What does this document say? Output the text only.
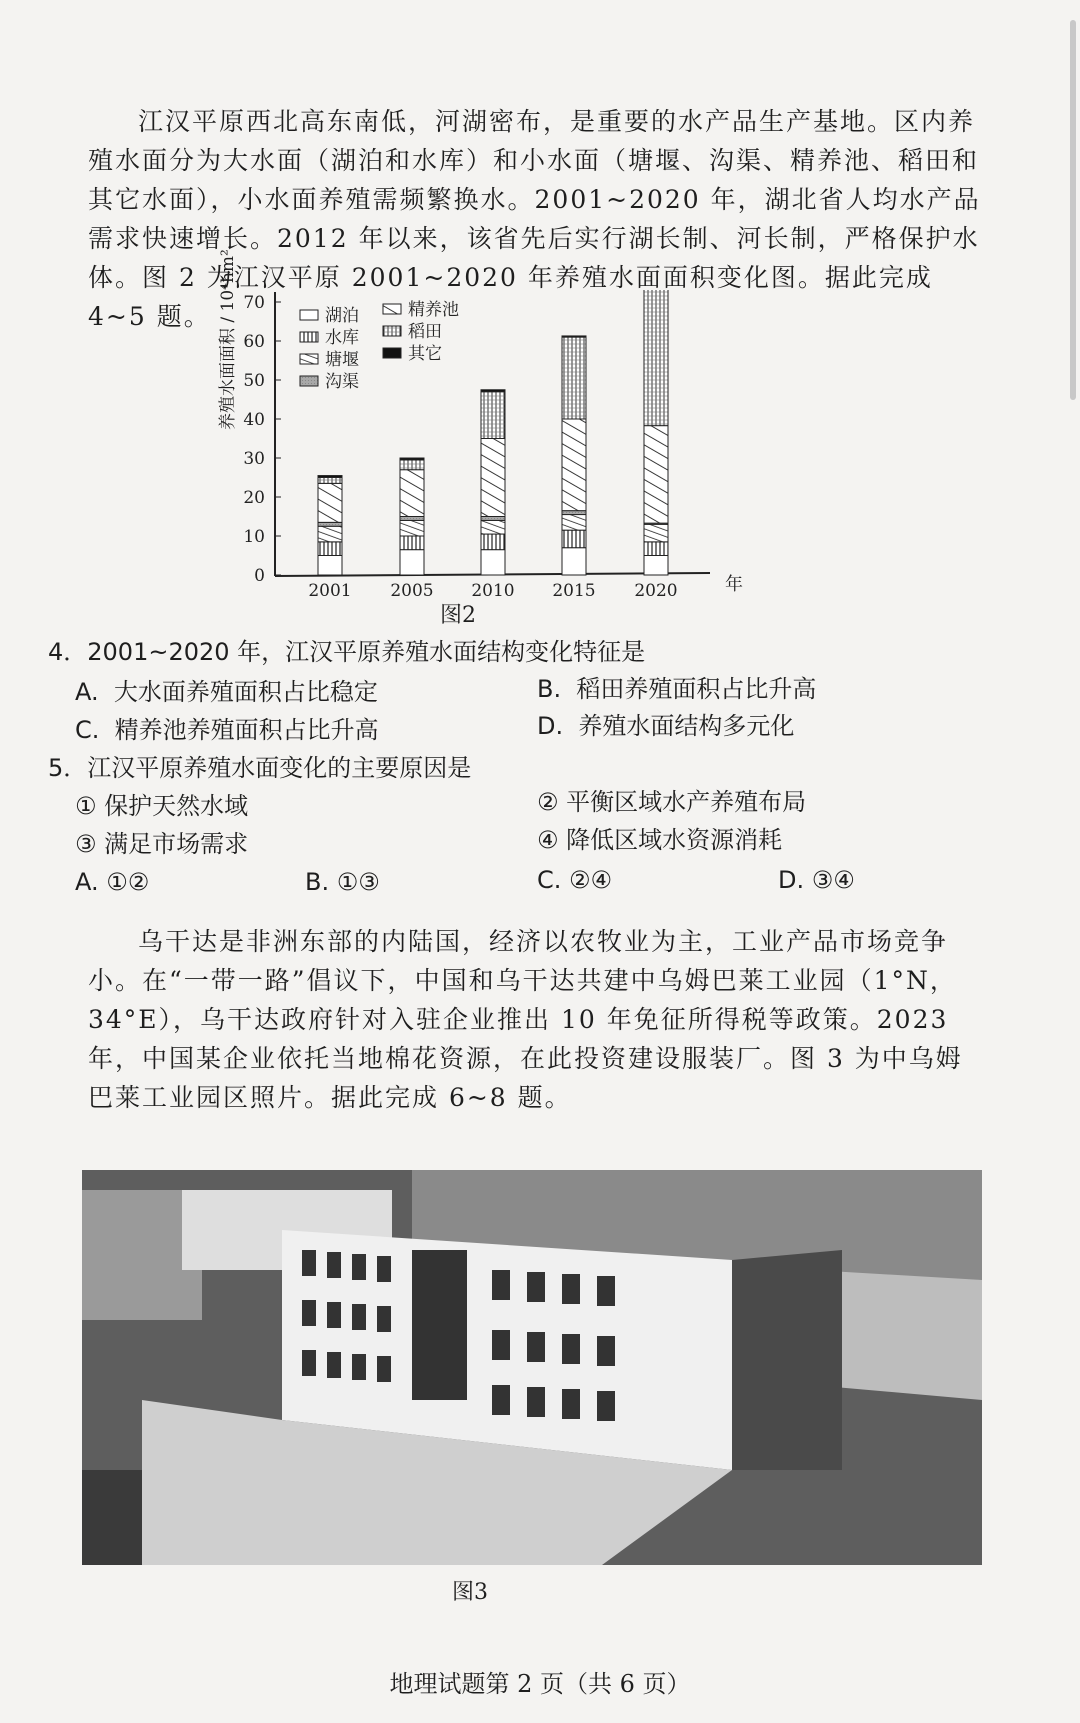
江汉平原西北高东南低，河湖密布，是重要的水产品生产基地。区内养殖水面分为大水面（湖泊和水库）和小水面（塘堰、沟渠、精养池、稻田和其它水面），小水面养殖需频繁换水。2001~2020 年，湖北省人均水产品需求快速增长。2012 年以来，该省先后实行湖长制、河长制，严格保护水体。图 2 为江汉平原 2001~2020 年养殖水面面积变化图。据此完成 4~5 题。 养殖水面面积 / 10⁴hm²
0
10
20
30
40
50
60
70
湖泊
水库
塘堰
沟渠
精养池
稻田
其它
2001 2005 2010 2015 2020	年
图2
4．2001~2020 年，江汉平原养殖水面结构变化特征是
A. 大水面养殖面积占比稳定	B. 稻田养殖面积占比升高
C. 精养池养殖面积占比升高	D. 养殖水面结构多元化
5．江汉平原养殖水面变化的主要原因是
① 保护天然水域	② 平衡区域水产养殖布局
③ 满足市场需求	④ 降低区域水资源消耗
A. ①②	B. ①③	C. ②④	D. ③④

乌干达是非洲东部的内陆国，经济以农牧业为主，工业产品市场竞争小。在“一带一路”倡议下，中国和乌干达共建中乌姆巴莱工业园（1°N，34°E），乌干达政府针对入驻企业推出 10 年免征所得税等政策。2023 年，中国某企业依托当地棉花资源，在此投资建设服装厂。图 3 为中乌姆巴莱工业园区照片。据此完成 6~8 题。

图3
地理试题第 2 页（共 6 页）
